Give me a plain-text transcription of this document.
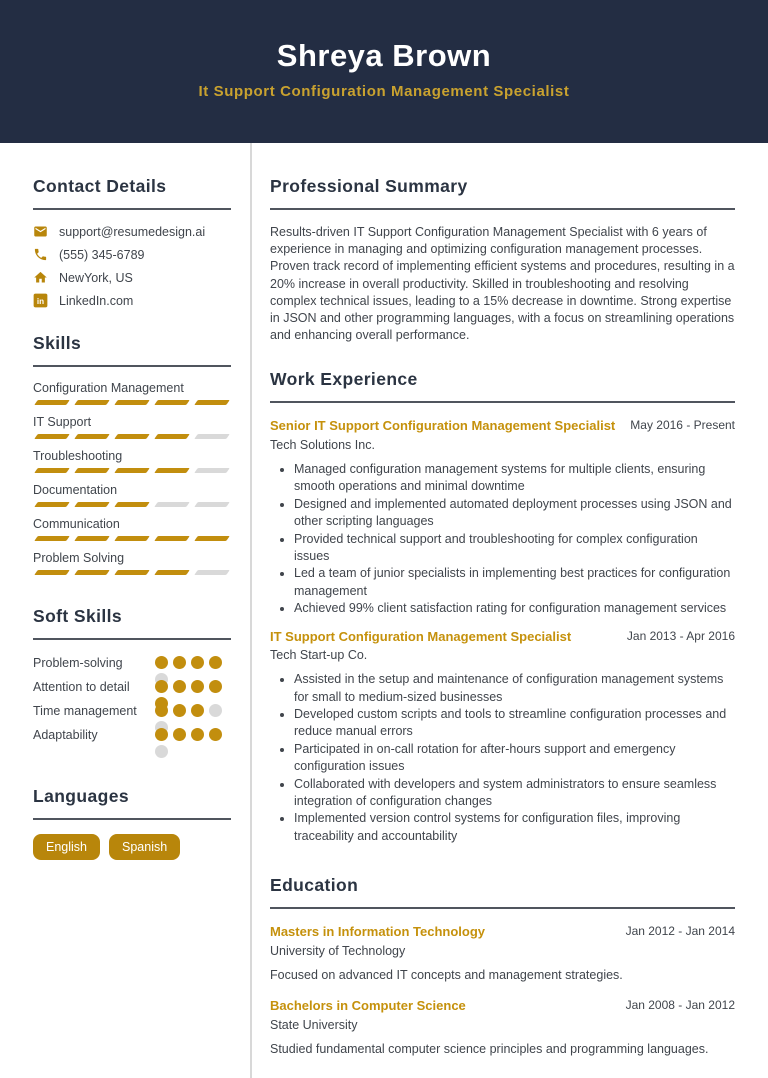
Shreya Brown
It Support Configuration Management Specialist
Contact Details
support@resumedesign.ai
(555) 345-6789
NewYork, US
in LinkedIn.com
Skills
Configuration Management
IT Support
Troubleshooting
Documentation
Communication
Problem Solving
Soft Skills
Problem-solving
Attention to detail
Time management
Adaptability
Languages
English	Spanish
Professional Summary

Results-driven IT Support Configuration Management Specialist with 6 years of experience in managing and optimizing configuration management processes. Proven track record of implementing efficient systems and procedures, resulting in a 20% increase in overall productivity. Skilled in troubleshooting and resolving complex technical issues, leading to a 15% decrease in downtime. Strong expertise in JSON and other programming languages, with a focus on streamlining operations and enhancing overall performance.

Work Experience
Senior IT Support Configuration Management Specialist	May 2016 - Present
Tech Solutions Inc.
• Managed configuration management systems for multiple clients, ensuring smooth operations and minimal downtime
• Designed and implemented automated deployment processes using JSON and other scripting languages
• Provided technical support and troubleshooting for complex configuration issues
• Led a team of junior specialists in implementing best practices for configuration management
• Achieved 99% client satisfaction rating for configuration management services
IT Support Configuration Management Specialist	Jan 2013 - Apr 2016
Tech Start-up Co.
• Assisted in the setup and maintenance of configuration management systems for small to medium-sized businesses
• Developed custom scripts and tools to streamline configuration processes and reduce manual errors
• Participated in on-call rotation for after-hours support and emergency configuration issues
• Collaborated with developers and system administrators to ensure seamless integration of configuration changes
• Implemented version control systems for configuration files, improving traceability and accountability
Education
Masters in Information Technology	Jan 2012 - Jan 2014
University of Technology
Focused on advanced IT concepts and management strategies.
Bachelors in Computer Science	Jan 2008 - Jan 2012
State University
Studied fundamental computer science principles and programming languages.
